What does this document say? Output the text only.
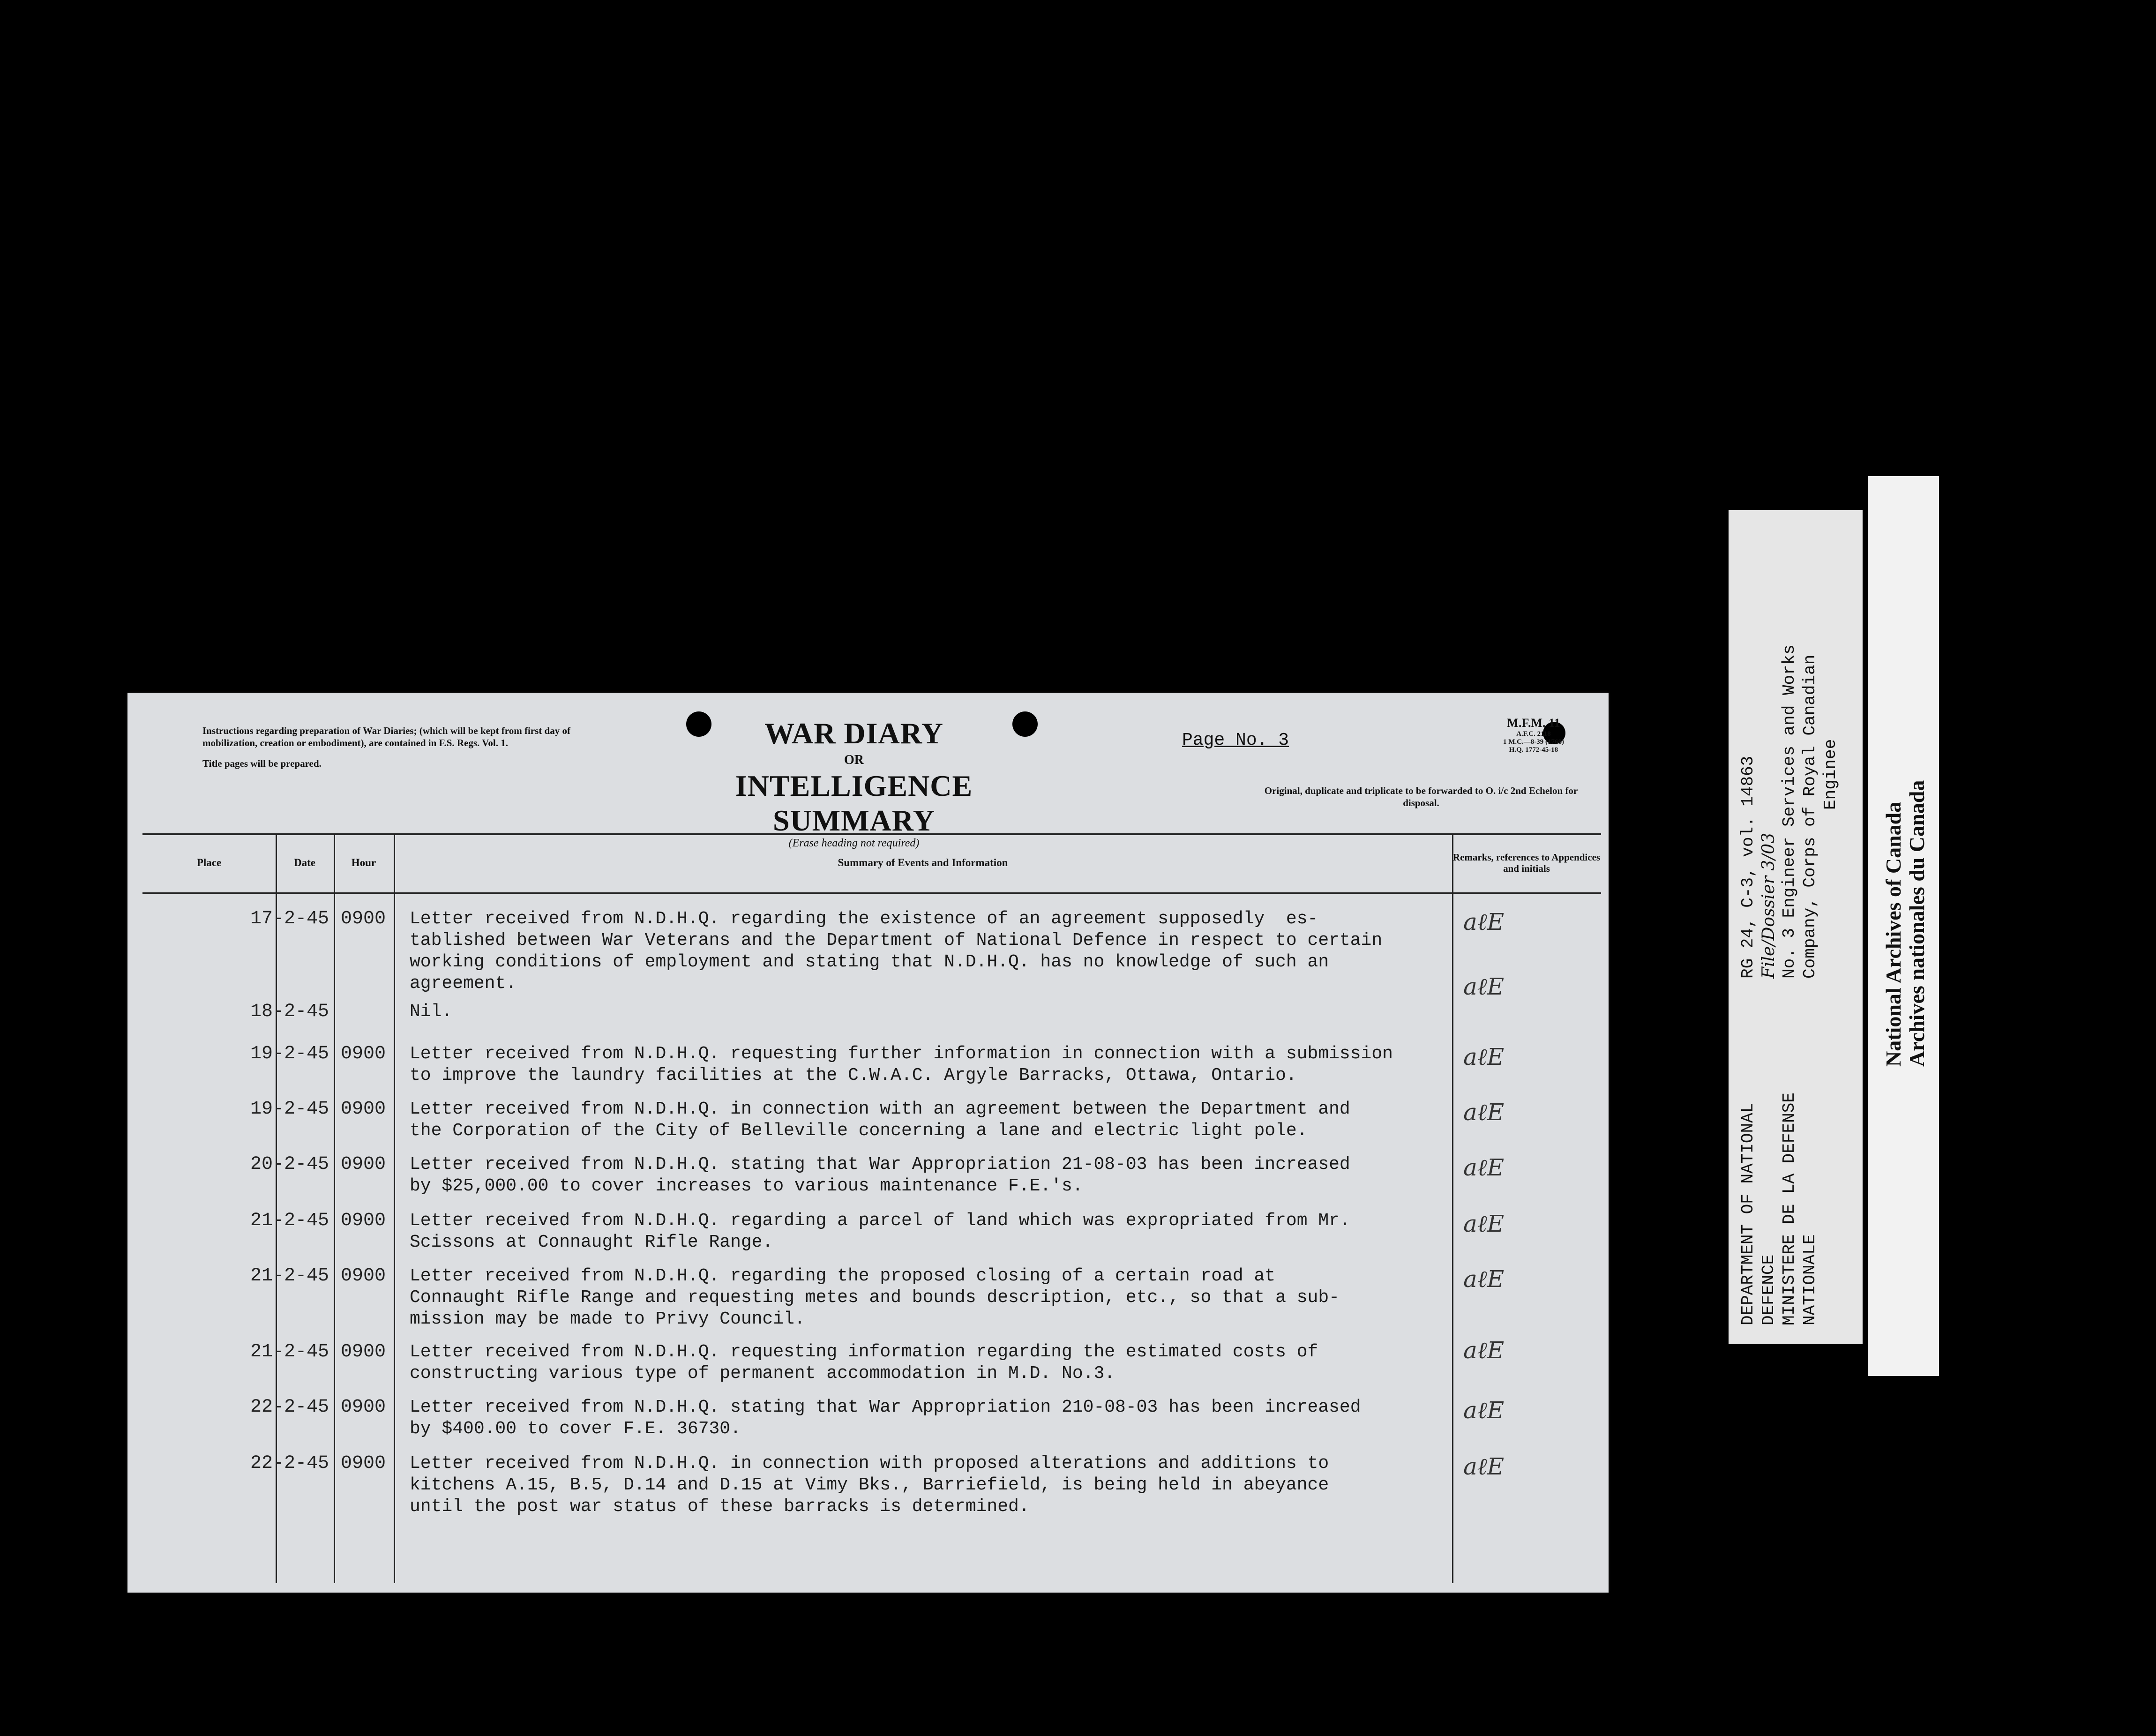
Instructions regarding preparation of War Diaries; (which will be kept from first day of mobilization, creation or embodiment), are contained in F.S. Regs. Vol. 1.
Title pages will be prepared.
WAR DIARY
OR
INTELLIGENCE SUMMARY
(Erase heading not required)
Page No. 3
M.F.M. 11
A.F.C. 2118
1 M.C.—8-39 (1768)
H.Q. 1772-45-18
Original, duplicate and triplicate to be forwarded to O. i/c 2nd Echelon for disposal.
Place	Date	Hour	Summary of Events and Information	Remarks, references to Appendices and initials
17-2-45 0900	Letter received from N.D.H.Q. regarding the existence of an agreement supposedly  es-
tablished between War Veterans and the Department of National Defence in respect to certain
working conditions of employment and stating that N.D.H.Q. has no knowledge of such an
agreement.
aℓE
18-2-45	Nil.
aℓE
19-2-45 0900	Letter received from N.D.H.Q. requesting further information in connection with a submission
to improve the laundry facilities at the C.W.A.C. Argyle Barracks, Ottawa, Ontario.
aℓE
19-2-45 0900	Letter received from N.D.H.Q. in connection with an agreement between the Department and
the Corporation of the City of Belleville concerning a lane and electric light pole.
aℓE
20-2-45 0900	Letter received from N.D.H.Q. stating that War Appropriation 21-08-03 has been increased
by $25,000.00 to cover increases to various maintenance F.E.'s.
aℓE
21-2-45 0900	Letter received from N.D.H.Q. regarding a parcel of land which was expropriated from Mr.
Scissons at Connaught Rifle Range.
aℓE
21-2-45 0900	Letter received from N.D.H.Q. regarding the proposed closing of a certain road at
Connaught Rifle Range and requesting metes and bounds description, etc., so that a sub-
mission may be made to Privy Council.
aℓE
21-2-45 0900	Letter received from N.D.H.Q. requesting information regarding the estimated costs of
constructing various type of permanent accommodation in M.D. No.3.
aℓE
22-2-45 0900	Letter received from N.D.H.Q. stating that War Appropriation 210-08-03 has been increased
by $400.00 to cover F.E. 36730.
aℓE
22-2-45 0900	Letter received from N.D.H.Q. in connection with proposed alterations and additions to
kitchens A.15, B.5, D.14 and D.15 at Vimy Bks., Barriefield, is being held in abeyance
until the post war status of these barracks is determined.
aℓE
DEPARTMENT OF NATIONAL DEFENCE MINISTERE DE LA DEFENSE NATIONALE
RG 24, C-3, vol. 14863 File/Dossier 3/03 No. 3 Engineer Services and Works Company, Corps of Royal Canadian Enginee
National Archives of Canada Archives nationales du Canada
